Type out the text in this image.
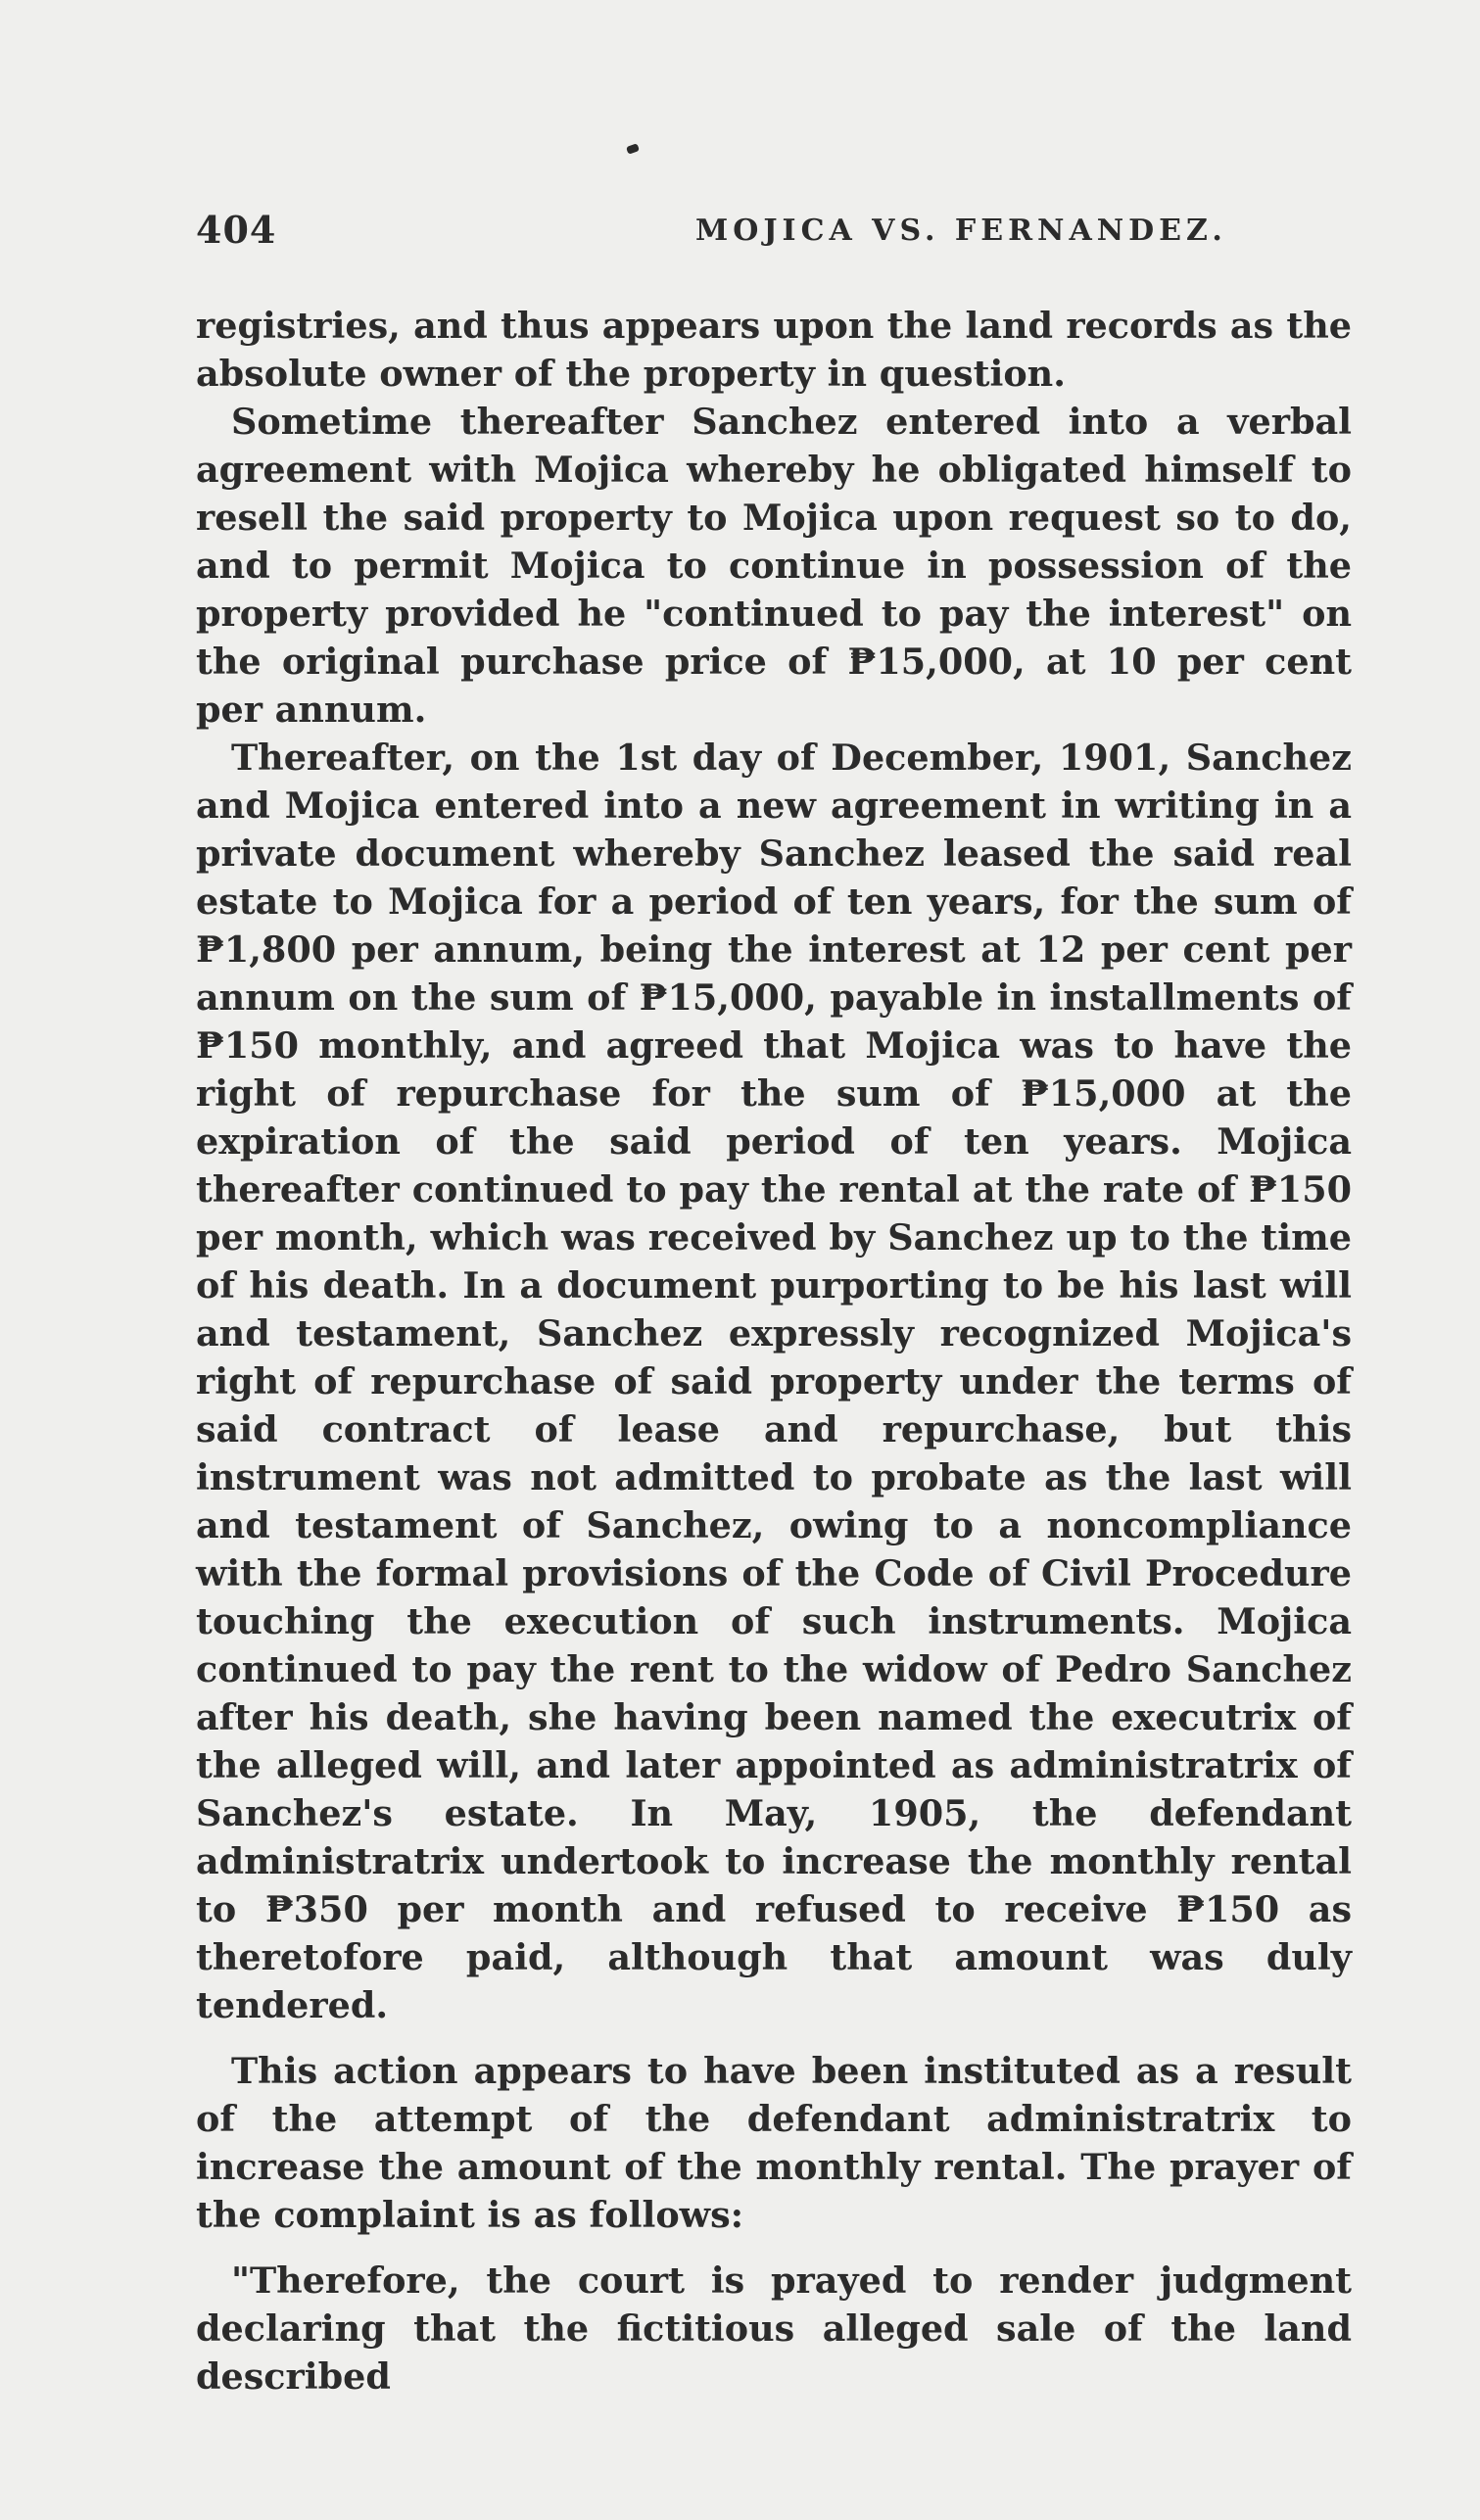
404	MOJICA VS. FERNANDEZ.

registries, and thus appears upon the land records as the absolute owner of the property in question.

Sometime thereafter Sanchez entered into a verbal agreement with Mojica whereby he obligated himself to resell the said property to Mojica upon request so to do, and to permit Mojica to continue in possession of the property provided he "continued to pay the interest" on the original purchase price of ₱15,000, at 10 per cent per annum.

Thereafter, on the 1st day of December, 1901, Sanchez and Mojica entered into a new agreement in writing in a private document whereby Sanchez leased the said real estate to Mojica for a period of ten years, for the sum of ₱1,800 per annum, being the interest at 12 per cent per annum on the sum of ₱15,000, payable in installments of ₱150 monthly, and agreed that Mojica was to have the right of repurchase for the sum of ₱15,000 at the expiration of the said period of ten years. Mojica thereafter continued to pay the rental at the rate of ₱150 per month, which was received by Sanchez up to the time of his death. In a document purporting to be his last will and testament, Sanchez expressly recognized Mojica's right of repurchase of said property under the terms of said contract of lease and repurchase, but this instrument was not admitted to probate as the last will and testament of Sanchez, owing to a noncompliance with the formal provisions of the Code of Civil Procedure touching the execution of such instruments. Mojica continued to pay the rent to the widow of Pedro Sanchez after his death, she having been named the executrix of the alleged will, and later appointed as administratrix of Sanchez's estate. In May, 1905, the defendant administratrix undertook to increase the monthly rental to ₱350 per month and refused to receive ₱150 as theretofore paid, although that amount was duly tendered.

This action appears to have been instituted as a result of the attempt of the defendant administratrix to increase the amount of the monthly rental. The prayer of the complaint is as follows:

"Therefore, the court is prayed to render judgment declaring that the fictitious alleged sale of the land described
